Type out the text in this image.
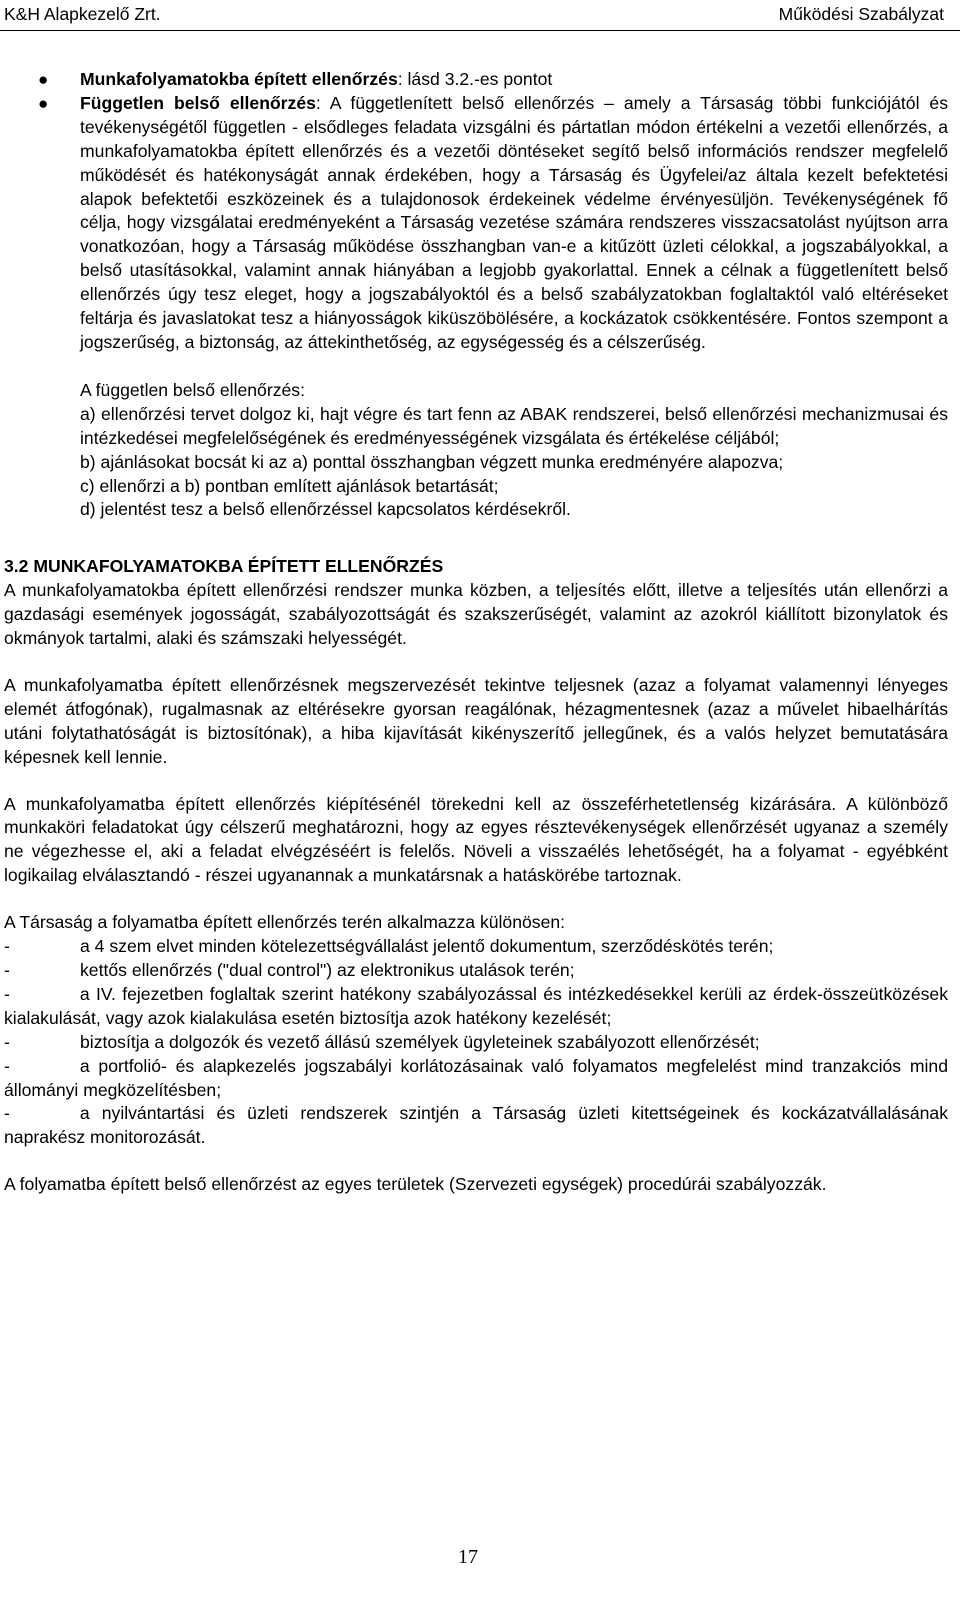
K&H Alapkezelő Zrt.	Működési Szabályzat
● Munkafolyamatokba épített ellenőrzés: lásd 3.2.-es pontot
● Független belső ellenőrzés: A függetlenített belső ellenőrzés – amely a Társaság többi funkciójától és tevékenységétől független - elsődleges feladata vizsgálni és pártatlan módon értékelni a vezetői ellenőrzés, a munkafolyamatokba épített ellenőrzés és a vezetői döntéseket segítő belső információs rendszer megfelelő működését és hatékonyságát annak érdekében, hogy a Társaság és Ügyfelei/az általa kezelt befektetési alapok befektetői eszközeinek és a tulajdonosok érdekeinek védelme érvényesüljön. Tevékenységének fő célja, hogy vizsgálatai eredményeként a Társaság vezetése számára rendszeres visszacsatolást nyújtson arra vonatkozóan, hogy a Társaság működése összhangban van-e a kitűzött üzleti célokkal, a jogszabályokkal, a belső utasításokkal, valamint annak hiányában a legjobb gyakorlattal. Ennek a célnak a függetlenített belső ellenőrzés úgy tesz eleget, hogy a jogszabályoktól és a belső szabályzatokban foglaltaktól való eltéréseket feltárja és javaslatokat tesz a hiányosságok kiküszöbölésére, a kockázatok csökkentésére. Fontos szempont a jogszerűség, a biztonság, az áttekinthetőség, az egységesség és a célszerűség.

A független belső ellenőrzés:

a) ellenőrzési tervet dolgoz ki, hajt végre és tart fenn az ABAK rendszerei, belső ellenőrzési mechanizmusai és intézkedései megfelelőségének és eredményességének vizsgálata és értékelése céljából;

b) ajánlásokat bocsát ki az a) ponttal összhangban végzett munka eredményére alapozva;

c) ellenőrzi a b) pontban említett ajánlások betartását;

d) jelentést tesz a belső ellenőrzéssel kapcsolatos kérdésekről.

3.2 MUNKAFOLYAMATOKBA ÉPÍTETT ELLENŐRZÉS

A munkafolyamatokba épített ellenőrzési rendszer munka közben, a teljesítés előtt, illetve a teljesítés után ellenőrzi a gazdasági események jogosságát, szabályozottságát és szakszerűségét, valamint az azokról kiállított bizonylatok és okmányok tartalmi, alaki és számszaki helyességét.

A munkafolyamatba épített ellenőrzésnek megszervezését tekintve teljesnek (azaz a folyamat valamennyi lényeges elemét átfogónak), rugalmasnak az eltérésekre gyorsan reagálónak, hézagmentesnek (azaz a művelet hibaelhárítás utáni folytathatóságát is biztosítónak), a hiba kijavítását kikényszerítő jellegűnek, és a valós helyzet bemutatására képesnek kell lennie.

A munkafolyamatba épített ellenőrzés kiépítésénél törekedni kell az összeférhetetlenség kizárására. A különböző munkaköri feladatokat úgy célszerű meghatározni, hogy az egyes résztevékenységek ellenőrzését ugyanaz a személy ne végezhesse el, aki a feladat elvégzéséért is felelős. Növeli a visszaélés lehetőségét, ha a folyamat - egyébként logikailag elválasztandó - részei ugyanannak a munkatársnak a hatáskörébe tartoznak.

A Társaság a folyamatba épített ellenőrzés terén alkalmazza különösen:

-	a 4 szem elvet minden kötelezettségvállalást jelentő dokumentum, szerződéskötés terén;

-	kettős ellenőrzés ("dual control") az elektronikus utalások terén;

-	a IV. fejezetben foglaltak szerint hatékony szabályozással és intézkedésekkel kerüli az érdek-összeütközések kialakulását, vagy azok kialakulása esetén biztosítja azok hatékony kezelését;

-	biztosítja a dolgozók és vezető állású személyek ügyleteinek szabályozott ellenőrzését;

-	a portfolió- és alapkezelés jogszabályi korlátozásainak való folyamatos megfelelést mind tranzakciós mind állományi megközelítésben;

-	a nyilvántartási és üzleti rendszerek szintjén a Társaság üzleti kitettségeinek és kockázatvállalásának naprakész monitorozását.

A folyamatba épített belső ellenőrzést az egyes területek (Szervezeti egységek) procedúrái szabályozzák.

17
